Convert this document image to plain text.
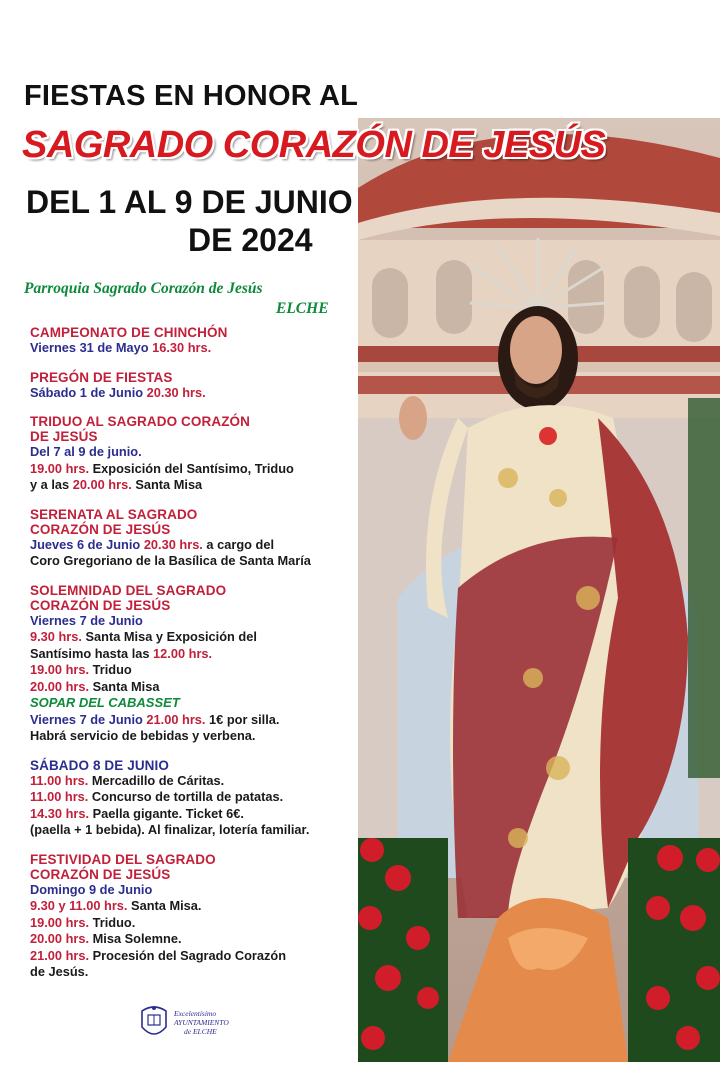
FIESTAS EN HONOR AL
SAGRADO CORAZÓN DE JESÚS
DEL 1 AL 9 DE JUNIO
DE 2024
Parroquia Sagrado Corazón de Jesús
ELCHE
CAMPEONATO DE CHINCHÓN
Viernes 31 de Mayo 16.30 hrs.
PREGÓN DE FIESTAS
Sábado 1 de Junio 20.30 hrs.
TRIDUO AL SAGRADO CORAZÓN
DE JESÚS
Del 7 al 9 de junio.
19.00 hrs. Exposición del Santísimo, Triduo
y a las 20.00 hrs. Santa Misa
SERENATA AL SAGRADO
CORAZÓN DE JESÚS
Jueves 6 de Junio 20.30 hrs. a cargo del
Coro Gregoriano de la Basílica de Santa María
SOLEMNIDAD DEL SAGRADO
CORAZÓN DE JESÚS
Viernes 7 de Junio
9.30 hrs. Santa Misa y Exposición del
Santísimo hasta las 12.00 hrs.
19.00 hrs. Triduo
20.00 hrs. Santa Misa
SOPAR DEL CABASSET
Viernes 7 de Junio 21.00 hrs. 1€ por silla.
Habrá servicio de bebidas y verbena.
SÁBADO 8 DE JUNIO
11.00 hrs. Mercadillo de Cáritas.
11.00 hrs. Concurso de tortilla de patatas.
14.30 hrs. Paella gigante. Ticket 6€.
(paella + 1 bebida). Al finalizar, lotería familiar.
FESTIVIDAD DEL SAGRADO
CORAZÓN DE JESÚS
Domingo 9 de Junio
9.30 y 11.00 hrs. Santa Misa.
19.00 hrs. Triduo.
20.00 hrs. Misa Solemne.
21.00 hrs. Procesión del Sagrado Corazón
de Jesús.
Excelentísimo
AYUNTAMIENTO
de ELCHE
